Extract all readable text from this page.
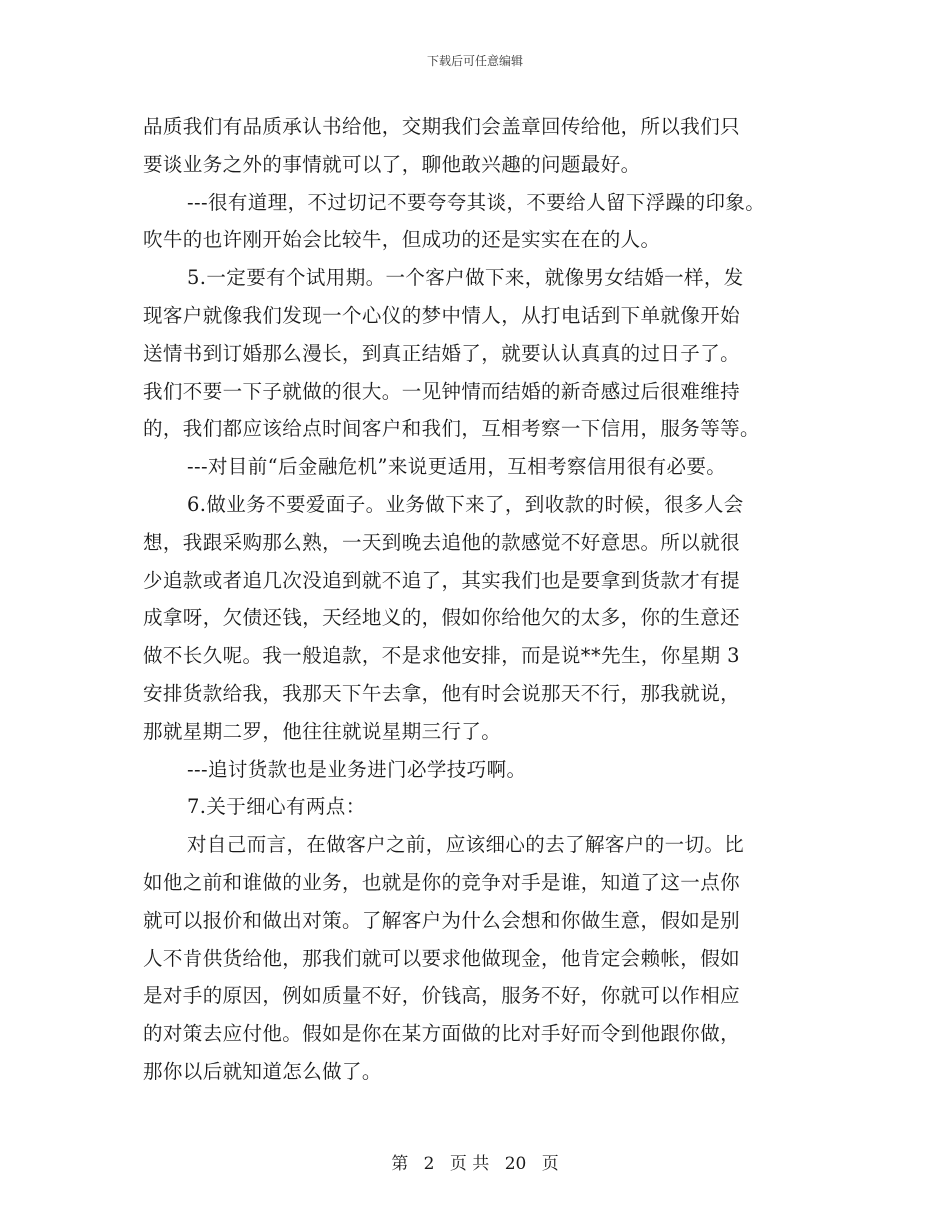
下载后可任意编辑
品质我们有品质承认书给他，交期我们会盖章回传给他，所以我们只
要谈业务之外的事情就可以了，聊他敢兴趣的问题最好。
---很有道理，不过切记不要夸夸其谈，不要给人留下浮躁的印象。
吹牛的也许刚开始会比较牛，但成功的还是实实在在的人。
5.一定要有个试用期。一个客户做下来，就像男女结婚一样，发
现客户就像我们发现一个心仪的梦中情人，从打电话到下单就像开始
送情书到订婚那么漫长，到真正结婚了，就要认认真真的过日子了。
我们不要一下子就做的很大。一见钟情而结婚的新奇感过后很难维持
的，我们都应该给点时间客户和我们，互相考察一下信用，服务等等。
---对目前“后金融危机”来说更适用，互相考察信用很有必要。
6.做业务不要爱面子。业务做下来了，到收款的时候，很多人会
想，我跟采购那么熟，一天到晚去追他的款感觉不好意思。所以就很
少追款或者追几次没追到就不追了，其实我们也是要拿到货款才有提
成拿呀，欠债还钱，天经地义的，假如你给他欠的太多，你的生意还
做不长久呢。我一般追款，不是求他安排，而是说**先生，你星期 3
安排货款给我，我那天下午去拿，他有时会说那天不行，那我就说，
那就星期二罗，他往往就说星期三行了。
---追讨货款也是业务进门必学技巧啊。
7.关于细心有两点：
对自己而言，在做客户之前，应该细心的去了解客户的一切。比
如他之前和谁做的业务，也就是你的竞争对手是谁，知道了这一点你
就可以报价和做出对策。了解客户为什么会想和你做生意，假如是别
人不肯供货给他，那我们就可以要求他做现金，他肯定会赖帐，假如
是对手的原因，例如质量不好，价钱高，服务不好，你就可以作相应
的对策去应付他。假如是你在某方面做的比对手好而令到他跟你做，
那你以后就知道怎么做了。
第 2 页 共 20 页
